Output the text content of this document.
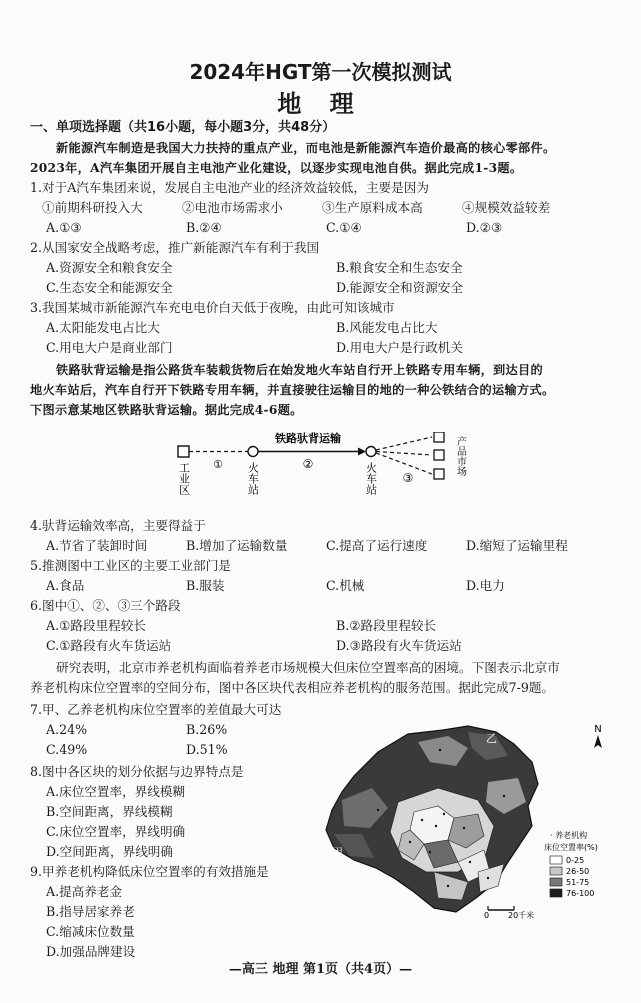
2024年HGT第一次模拟测试
地 理
一、单项选择题（共16小题，每小题3分，共48分）
新能源汽车制造是我国大力扶持的重点产业，而电池是新能源汽车造价最高的核心零部件。
2023年，A汽车集团开展自主电池产业化建设，以逐步实现电池自供。据此完成1-3题。
1.对于A汽车集团来说，发展自主电池产业的经济效益较低，主要是因为
①前期科研投入大	②电池市场需求小	③生产原料成本高	④规模效益较差
A.①③	B.②④	C.①④	D.②③
2.从国家安全战略考虑，推广新能源汽车有利于我国
A.资源安全和粮食安全	B.粮食安全和生态安全
C.生态安全和能源安全	D.能源安全和资源安全
3.我国某城市新能源汽车充电电价白天低于夜晚，由此可知该城市
A.太阳能发电占比大	B.风能发电占比大
C.用电大户是商业部门	D.用电大户是行政机关
铁路驮背运输是指公路货车装载货物后在始发地火车站自行开上铁路专用车辆，到达目的
地火车站后，汽车自行开下铁路专用车辆，并直接驶往运输目的地的一种公铁结合的运输方式。
下图示意某地区铁路驮背运输。据此完成4-6题。
铁路驮背运输
①	②
③
工业区	火车站	火车站
产品市场
4.驮背运输效率高，主要得益于
A.节省了装卸时间	B.增加了运输数量	C.提高了运行速度	D.缩短了运输里程
5.推测图中工业区的主要工业部门是
A.食品	B.服装	C.机械	D.电力
6.图中①、②、③三个路段
A.①路段里程较长	B.②路段里程较长
C.①路段有火车货运站	D.③路段有火车货运站
研究表明，北京市养老机构面临着养老市场规模大但床位空置率高的困境。下图表示北京市
养老机构床位空置率的空间分布，图中各区块代表相应养老机构的服务范围。据此完成7-9题。
7.甲、乙养老机构床位空置率的差值最大可达
A.24%	B.26%
C.49%	D.51%
8.图中各区块的划分依据与边界特点是
A.床位空置率，界线模糊
B.空间距离，界线模糊
C.床位空置率，界线明确
D.空间距离，界线明确
9.甲养老机构降低床位空置率的有效措施是
A.提高养老金
B.指导居家养老
C.缩减床位数量
D.加强品牌建设
N
甲
乙
· 养老机构
床位空置率(%)
0-25
26-50
51-75
76-100
0 20千米
—高三 地理 第1页（共4页）—
